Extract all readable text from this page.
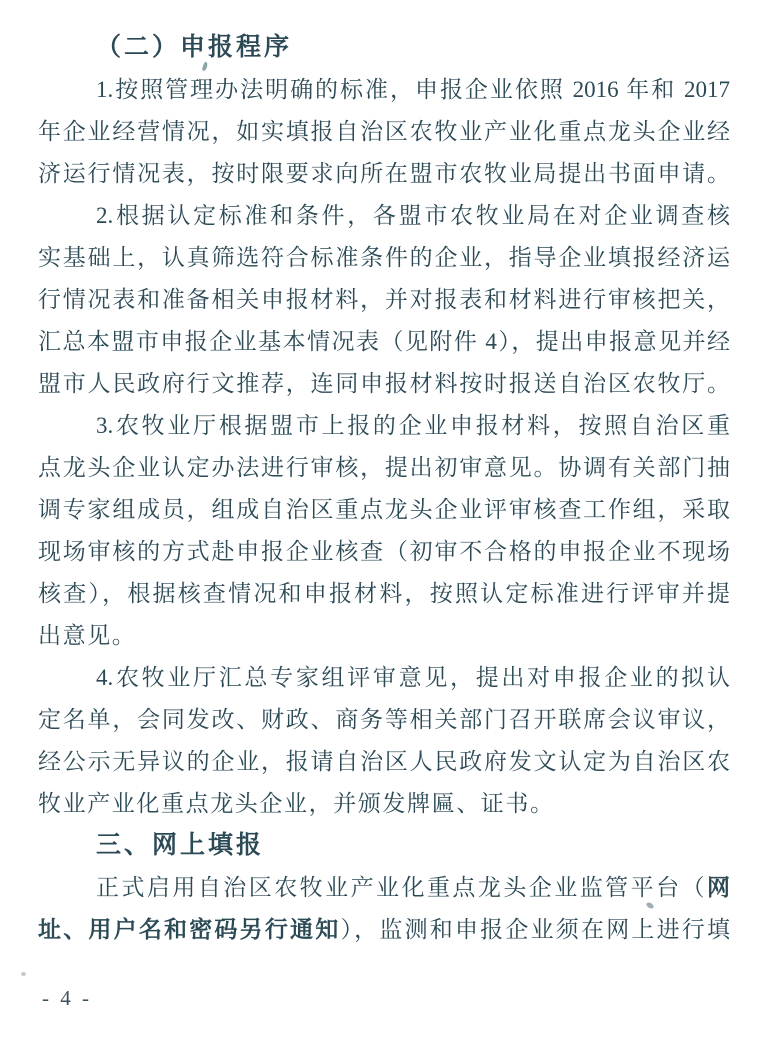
（二）申报程序
1.按照管理办法明确的标准，申报企业依照 2016 年和 2017
年企业经营情况，如实填报自治区农牧业产业化重点龙头企业经
济运行情况表，按时限要求向所在盟市农牧业局提出书面申请。
2.根据认定标准和条件，各盟市农牧业局在对企业调查核
实基础上，认真筛选符合标准条件的企业，指导企业填报经济运
行情况表和准备相关申报材料，并对报表和材料进行审核把关，
汇总本盟市申报企业基本情况表（见附件 4），提出申报意见并经
盟市人民政府行文推荐，连同申报材料按时报送自治区农牧厅。
3.农牧业厅根据盟市上报的企业申报材料，按照自治区重
点龙头企业认定办法进行审核，提出初审意见。协调有关部门抽
调专家组成员，组成自治区重点龙头企业评审核查工作组，采取
现场审核的方式赴申报企业核查（初审不合格的申报企业不现场
核查），根据核查情况和申报材料，按照认定标准进行评审并提
出意见。
4.农牧业厅汇总专家组评审意见，提出对申报企业的拟认
定名单，会同发改、财政、商务等相关部门召开联席会议审议，
经公示无异议的企业，报请自治区人民政府发文认定为自治区农
牧业产业化重点龙头企业，并颁发牌匾、证书。
三、网上填报
正式启用自治区农牧业产业化重点龙头企业监管平台（网
址、用户名和密码另行通知），监测和申报企业须在网上进行填
- 4 -
